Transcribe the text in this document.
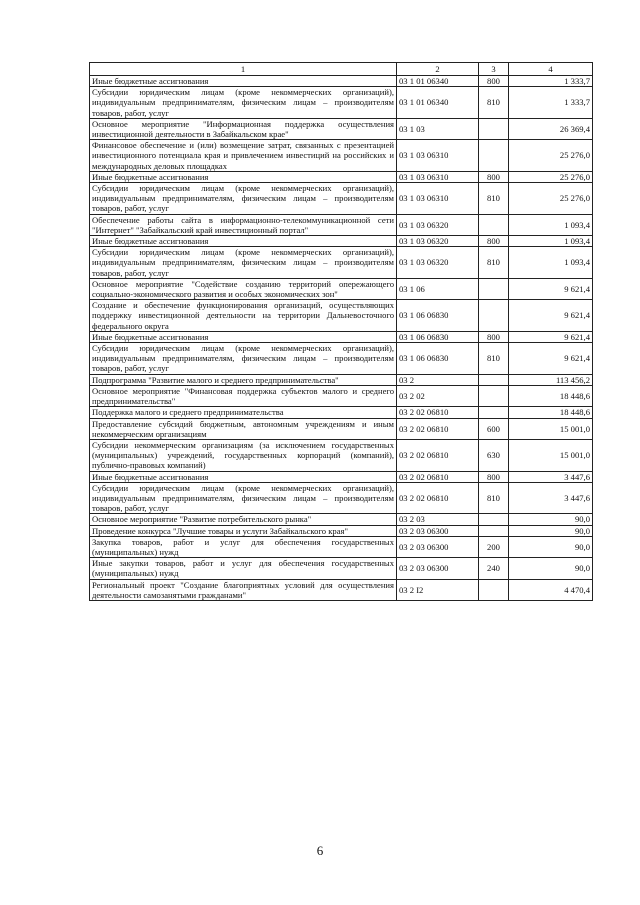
1	2	3	4
Иные бюджетные ассигнования	03 1 01 06340	800	1 333,7
Субсидии юридическим лицам (кроме некоммерческих организаций), индивидуальным предпринимателям, физическим лицам – производителям товаров, работ, услуг	03 1 01 06340	810	1 333,7
Основное мероприятие "Информационная поддержка осуществления инвестиционной деятельности в Забайкальском крае"	03 1 03		26 369,4
Финансовое обеспечение и (или) возмещение затрат, связанных с презентацией инвестиционного потенциала края и привлечением инвестиций на российских и международных деловых площадках	03 1 03 06310		25 276,0
Иные бюджетные ассигнования	03 1 03 06310	800	25 276,0
Субсидии юридическим лицам (кроме некоммерческих организаций), индивидуальным предпринимателям, физическим лицам – производителям товаров, работ, услуг	03 1 03 06310	810	25 276,0
Обеспечение работы сайта в информационно-телекоммуникационной сети "Интернет" "Забайкальский край инвестиционный портал"	03 1 03 06320		1 093,4
Иные бюджетные ассигнования	03 1 03 06320	800	1 093,4
Субсидии юридическим лицам (кроме некоммерческих организаций), индивидуальным предпринимателям, физическим лицам – производителям товаров, работ, услуг	03 1 03 06320	810	1 093,4
Основное мероприятие "Содействие созданию территорий опережающего социально-экономического развития и особых экономических зон"	03 1 06		9 621,4
Создание и обеспечение функционирования организаций, осуществляющих поддержку инвестиционной деятельности на территории Дальневосточного федерального округа	03 1 06 06830		9 621,4
Иные бюджетные ассигнования	03 1 06 06830	800	9 621,4
Субсидии юридическим лицам (кроме некоммерческих организаций), индивидуальным предпринимателям, физическим лицам – производителям товаров, работ, услуг	03 1 06 06830	810	9 621,4
Подпрограмма "Развитие малого и среднего предпринимательства"	03 2		113 456,2
Основное мероприятие "Финансовая поддержка субъектов малого и среднего предпринимательства"	03 2 02		18 448,6
Поддержка малого и среднего предпринимательства	03 2 02 06810		18 448,6
Предоставление субсидий бюджетным, автономным учреждениям и иным некоммерческим организациям	03 2 02 06810	600	15 001,0
Субсидии некоммерческим организациям (за исключением государственных (муниципальных) учреждений, государственных корпораций (компаний), публично-правовых компаний)	03 2 02 06810	630	15 001,0
Иные бюджетные ассигнования	03 2 02 06810	800	3 447,6
Субсидии юридическим лицам (кроме некоммерческих организаций), индивидуальным предпринимателям, физическим лицам – производителям товаров, работ, услуг	03 2 02 06810	810	3 447,6
Основное мероприятие "Развитие потребительского рынка"	03 2 03		90,0
Проведение конкурса "Лучшие товары и услуги Забайкальского края"	03 2 03 06300		90,0
Закупка товаров, работ и услуг для обеспечения государственных (муниципальных) нужд	03 2 03 06300	200	90,0
Иные закупки товаров, работ и услуг для обеспечения государственных (муниципальных) нужд	03 2 03 06300	240	90,0
Региональный проект "Создание благоприятных условий для осуществления деятельности самозанятыми гражданами"	03 2 I2		4 470,4
6
